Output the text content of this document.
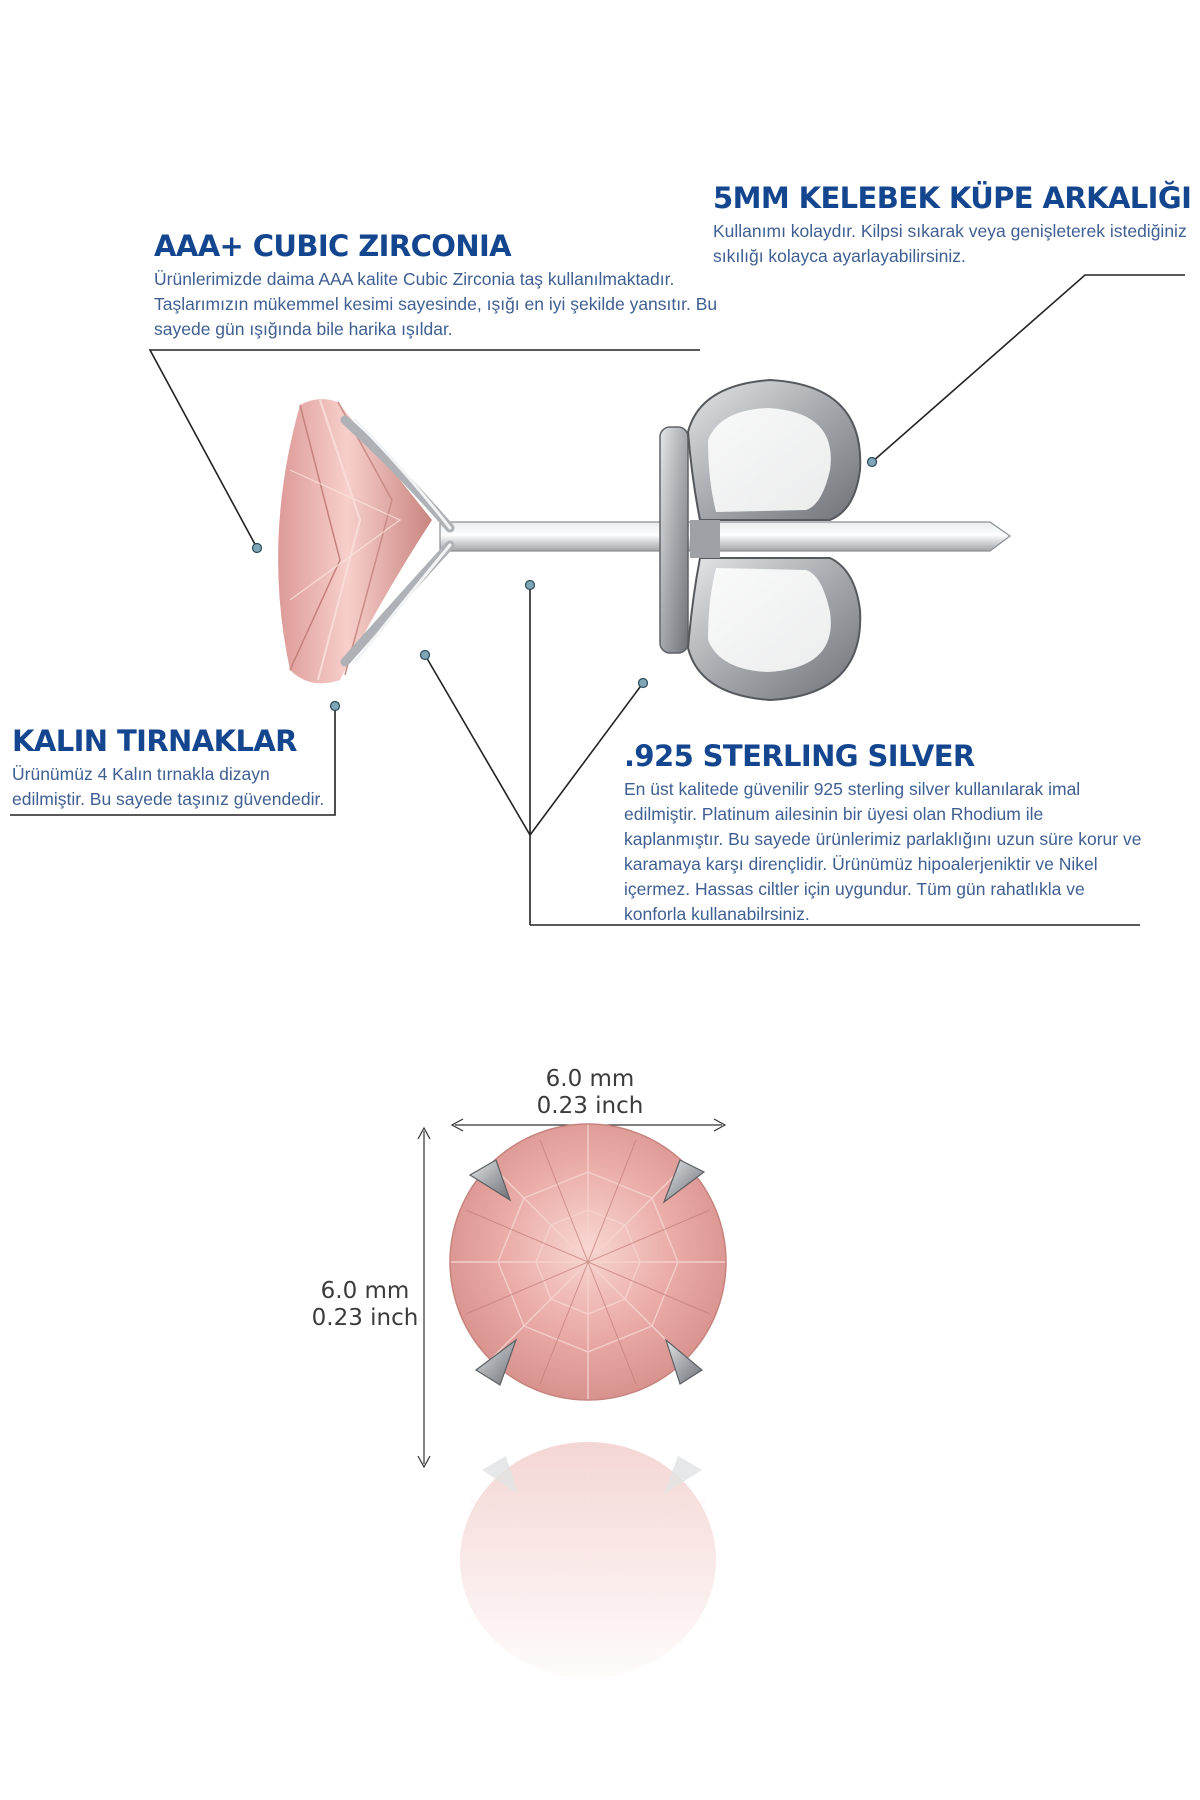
AAA+ CUBIC ZIRCONIA
Ürünlerimizde daima AAA kalite Cubic Zirconia taş kullanılmaktadır. Taşlarımızın mükemmel kesimi sayesinde, ışığı en iyi şekilde yansıtır. Bu sayede gün ışığında bile harika ışıldar.
5MM KELEBEK KÜPE ARKALIĞI
Kullanımı kolaydır. Kilpsi sıkarak veya genişleterek istediğiniz sıkılığı kolayca ayarlayabilirsiniz.
KALIN TIRNAKLAR
Ürünümüz 4 Kalın tırnakla dizayn edilmiştir. Bu sayede taşınız güvendedir.
.925 STERLING SILVER
En üst kalitede güvenilir 925 sterling silver kullanılarak imal edilmiştir. Platinum ailesinin bir üyesi olan Rhodium ile kaplanmıştır. Bu sayede ürünlerimiz parlaklığını uzun süre korur ve karamaya karşı dirençlidir. Ürünümüz hipoalerjeniktir ve Nikel içermez. Hassas ciltler için uygundur. Tüm gün rahatlıkla ve konforla kullanabilrsiniz.
6.0 mm
0.23 inch
6.0 mm
0.23 inch
